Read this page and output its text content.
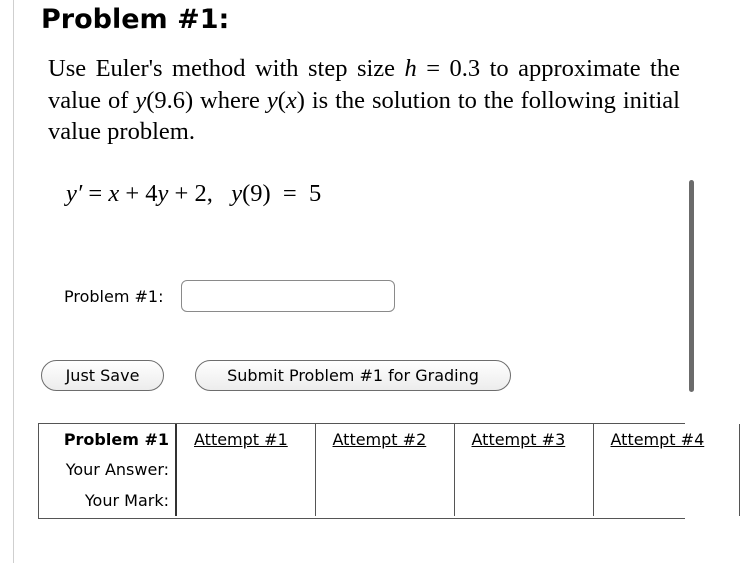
Problem #1:
Use Euler's method with step size h = 0.3 to approximate the value of y(9.6) where y(x) is the solution to the following initial value problem.
y′ = x + 4y + 2,   y(9)  =  5
Problem #1:
Just Save	Submit Problem #1 for Grading
Problem #1	Attempt #1	Attempt #2	Attempt #3	Attempt #4
Your Answer:				
Your Mark:				
